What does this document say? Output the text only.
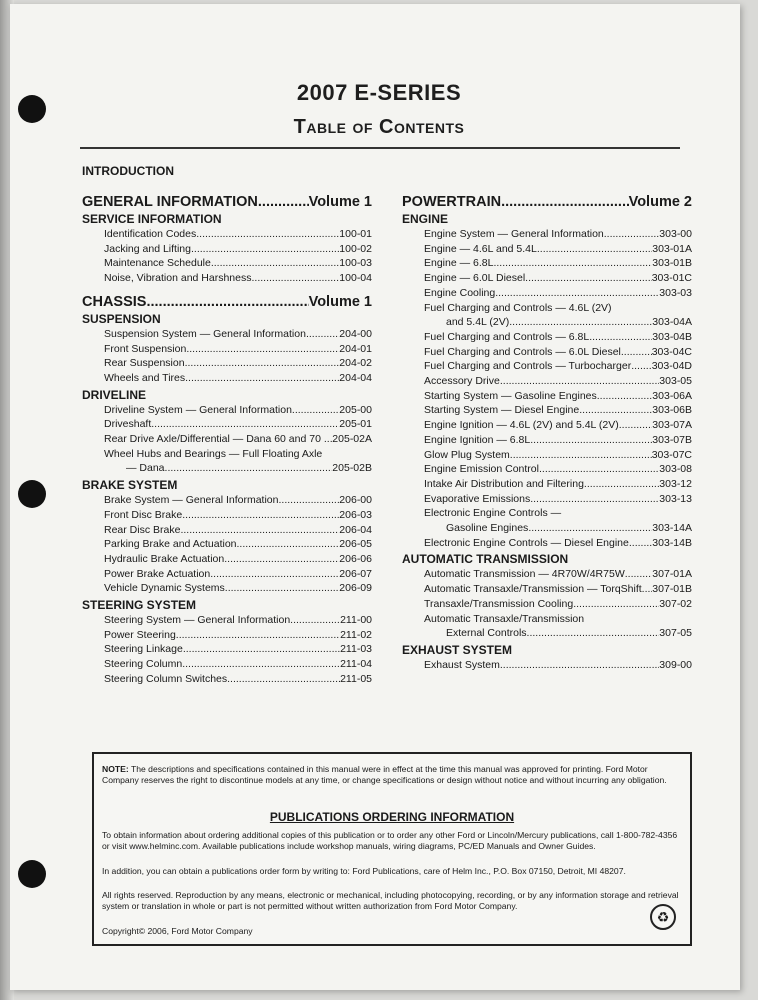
2007 E-SERIES
Table of Contents
INTRODUCTION
GENERAL INFORMATION .....	Volume 1
SERVICE INFORMATION
Identification Codes .....	100-01
Jacking and Lifting .....	100-02
Maintenance Schedule .....	100-03
Noise, Vibration and Harshness .....	100-04
CHASSIS .....	Volume 1
SUSPENSION
Suspension System — General Information .....	204-00
Front Suspension .....	204-01
Rear Suspension .....	204-02
Wheels and Tires .....	204-04
DRIVELINE
Driveline System — General Information .....	205-00
Driveshaft .....	205-01
Rear Drive Axle/Differential — Dana 60 and 70 .. ..... 205-02A
Wheel Hubs and Bearings — Full Floating Axle
— Dana .....	205-02B
BRAKE SYSTEM
Brake System — General Information .....	206-00
Front Disc Brake .....	206-03
Rear Disc Brake .....	206-04
Parking Brake and Actuation .....	206-05
Hydraulic Brake Actuation .....	206-06
Power Brake Actuation .....	206-07
Vehicle Dynamic Systems .....	206-09
STEERING SYSTEM
Steering System — General Information .....	211-00
Power Steering .....	211-02
Steering Linkage .....	211-03
Steering Column .....	211-04
Steering Column Switches .....	211-05
POWERTRAIN .....	Volume 2
ENGINE
Engine System — General Information .....	303-00
Engine — 4.6L and 5.4L .....	303-01A
Engine — 6.8L .....	303-01B
Engine — 6.0L Diesel .....	303-01C
Engine Cooling .....	303-03
Fuel Charging and Controls — 4.6L (2V)
and 5.4L (2V) .....	303-04A
Fuel Charging and Controls — 6.8L .....	303-04B
Fuel Charging and Controls — 6.0L Diesel .....	303-04C
Fuel Charging and Controls — Turbocharger ..... 303-04D
Accessory Drive .....	303-05
Starting System — Gasoline Engines .....	303-06A
Starting System — Diesel Engine .....	303-06B
Engine Ignition — 4.6L (2V) and 5.4L (2V) .....	303-07A
Engine Ignition — 6.8L .....	303-07B
Glow Plug System .....	303-07C
Engine Emission Control .....	303-08
Intake Air Distribution and Filtering .....	303-12
Evaporative Emissions .....	303-13
Electronic Engine Controls —
Gasoline Engines .....	303-14A
Electronic Engine Controls — Diesel Engine ..... 303-14B
AUTOMATIC TRANSMISSION
Automatic Transmission — 4R70W/4R75W .....	307-01A
Automatic Transaxle/Transmission — TorqShift ..... 307-01B
Transaxle/Transmission Cooling .....	307-02
Automatic Transaxle/Transmission
External Controls .....	307-05
EXHAUST SYSTEM
Exhaust System .....	309-00
NOTE: The descriptions and specifications contained in this manual were in effect at the time this manual was approved for printing. Ford Motor Company reserves the right to discontinue models at any time, or change specifications or design without notice and without incurring any obligation.
PUBLICATIONS ORDERING INFORMATION
To obtain information about ordering additional copies of this publication or to order any other Ford or Lincoln/Mercury publications, call 1-800-782-4356 or visit www.helminc.com. Available publications include workshop manuals, wiring diagrams, PC/ED Manuals and Owner Guides.
In addition, you can obtain a publications order form by writing to: Ford Publications, care of Helm Inc., P.O. Box 07150, Detroit, MI 48207.
All rights reserved. Reproduction by any means, electronic or mechanical, including photocopying, recording, or by any information storage and retrieval system or translation in whole or part is not permitted without written authorization from Ford Motor Company.
Copyright© 2006, Ford Motor Company
♻
